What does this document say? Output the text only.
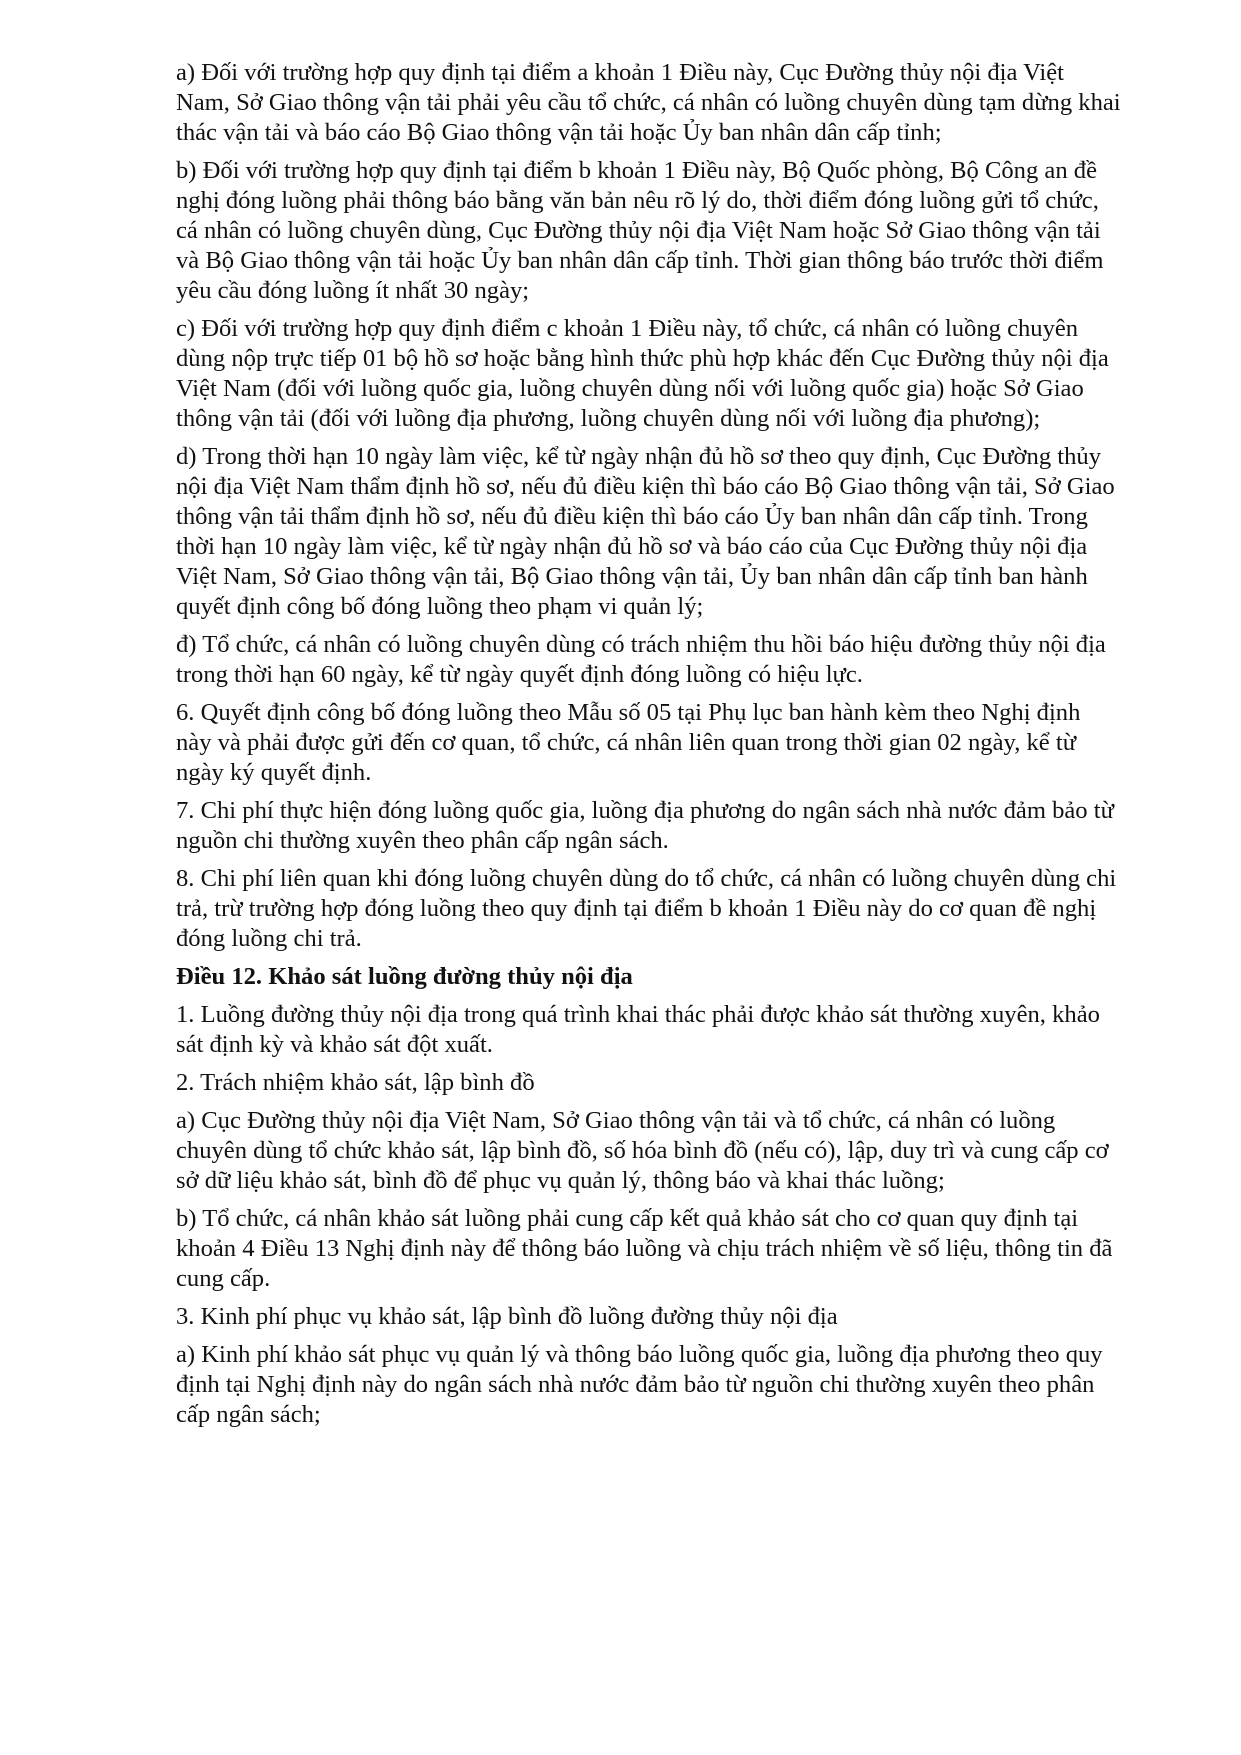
a) Đối với trường hợp quy định tại điểm a khoản 1 Điều này, Cục Đường thủy nội địa Việt Nam, Sở Giao thông vận tải phải yêu cầu tổ chức, cá nhân có luồng chuyên dùng tạm dừng khai thác vận tải và báo cáo Bộ Giao thông vận tải hoặc Ủy ban nhân dân cấp tỉnh;

b) Đối với trường hợp quy định tại điểm b khoản 1 Điều này, Bộ Quốc phòng, Bộ Công an đề nghị đóng luồng phải thông báo bằng văn bản nêu rõ lý do, thời điểm đóng luồng gửi tổ chức, cá nhân có luồng chuyên dùng, Cục Đường thủy nội địa Việt Nam hoặc Sở Giao thông vận tải và Bộ Giao thông vận tải hoặc Ủy ban nhân dân cấp tỉnh. Thời gian thông báo trước thời điểm yêu cầu đóng luồng ít nhất 30 ngày;

c) Đối với trường hợp quy định điểm c khoản 1 Điều này, tổ chức, cá nhân có luồng chuyên dùng nộp trực tiếp 01 bộ hồ sơ hoặc bằng hình thức phù hợp khác đến Cục Đường thủy nội địa Việt Nam (đối với luồng quốc gia, luồng chuyên dùng nối với luồng quốc gia) hoặc Sở Giao thông vận tải (đối với luồng địa phương, luồng chuyên dùng nối với luồng địa phương);

d) Trong thời hạn 10 ngày làm việc, kể từ ngày nhận đủ hồ sơ theo quy định, Cục Đường thủy nội địa Việt Nam thẩm định hồ sơ, nếu đủ điều kiện thì báo cáo Bộ Giao thông vận tải, Sở Giao thông vận tải thẩm định hồ sơ, nếu đủ điều kiện thì báo cáo Ủy ban nhân dân cấp tỉnh. Trong thời hạn 10 ngày làm việc, kể từ ngày nhận đủ hồ sơ và báo cáo của Cục Đường thủy nội địa Việt Nam, Sở Giao thông vận tải, Bộ Giao thông vận tải, Ủy ban nhân dân cấp tỉnh ban hành quyết định công bố đóng luồng theo phạm vi quản lý;

đ) Tổ chức, cá nhân có luồng chuyên dùng có trách nhiệm thu hồi báo hiệu đường thủy nội địa trong thời hạn 60 ngày, kể từ ngày quyết định đóng luồng có hiệu lực.

6. Quyết định công bố đóng luồng theo Mẫu số 05 tại Phụ lục ban hành kèm theo Nghị định này và phải được gửi đến cơ quan, tổ chức, cá nhân liên quan trong thời gian 02 ngày, kể từ ngày ký quyết định.

7. Chi phí thực hiện đóng luồng quốc gia, luồng địa phương do ngân sách nhà nước đảm bảo từ nguồn chi thường xuyên theo phân cấp ngân sách.

8. Chi phí liên quan khi đóng luồng chuyên dùng do tổ chức, cá nhân có luồng chuyên dùng chi trả, trừ trường hợp đóng luồng theo quy định tại điểm b khoản 1 Điều này do cơ quan đề nghị đóng luồng chi trả.

Điều 12. Khảo sát luồng đường thủy nội địa

1. Luồng đường thủy nội địa trong quá trình khai thác phải được khảo sát thường xuyên, khảo sát định kỳ và khảo sát đột xuất.

2. Trách nhiệm khảo sát, lập bình đồ

a) Cục Đường thủy nội địa Việt Nam, Sở Giao thông vận tải và tổ chức, cá nhân có luồng chuyên dùng tổ chức khảo sát, lập bình đồ, số hóa bình đồ (nếu có), lập, duy trì và cung cấp cơ sở dữ liệu khảo sát, bình đồ để phục vụ quản lý, thông báo và khai thác luồng;

b) Tổ chức, cá nhân khảo sát luồng phải cung cấp kết quả khảo sát cho cơ quan quy định tại khoản 4 Điều 13 Nghị định này để thông báo luồng và chịu trách nhiệm về số liệu, thông tin đã cung cấp.

3. Kinh phí phục vụ khảo sát, lập bình đồ luồng đường thủy nội địa

a) Kinh phí khảo sát phục vụ quản lý và thông báo luồng quốc gia, luồng địa phương theo quy định tại Nghị định này do ngân sách nhà nước đảm bảo từ nguồn chi thường xuyên theo phân cấp ngân sách;
